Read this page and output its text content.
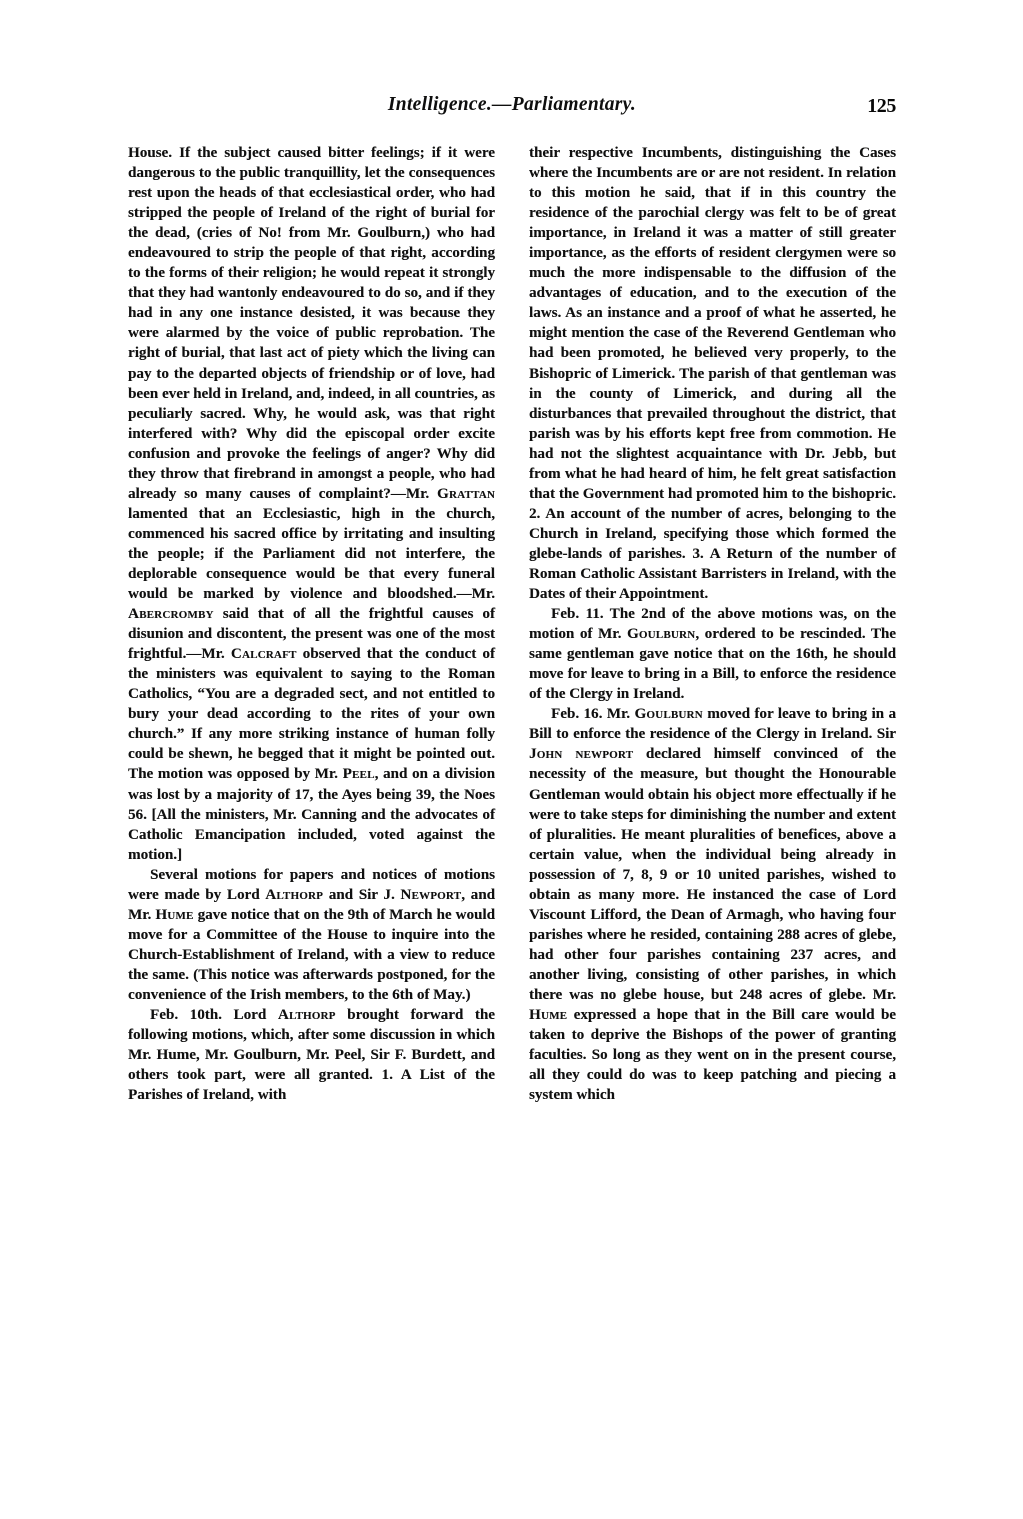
Intelligence.—Parliamentary.	125

House. If the subject caused bitter feelings; if it were dangerous to the public tranquillity, let the consequences rest upon the heads of that ecclesiastical order, who had stripped the people of Ireland of the right of burial for the dead, (cries of No! from Mr. Goulburn,) who had endeavoured to strip the people of that right, according to the forms of their religion; he would repeat it strongly that they had wantonly endeavoured to do so, and if they had in any one instance desisted, it was because they were alarmed by the voice of public reprobation. The right of burial, that last act of piety which the living can pay to the departed objects of friendship or of love, had been ever held in Ireland, and, indeed, in all countries, as peculiarly sacred. Why, he would ask, was that right interfered with? Why did the episcopal order excite confusion and provoke the feelings of anger? Why did they throw that firebrand in amongst a people, who had already so many causes of complaint?—Mr. Grattan lamented that an Ecclesiastic, high in the church, commenced his sacred office by irritating and insulting the people; if the Parliament did not interfere, the deplorable consequence would be that every funeral would be marked by violence and bloodshed.—Mr. Abercromby said that of all the frightful causes of disunion and discontent, the present was one of the most frightful.—Mr. Calcraft observed that the conduct of the ministers was equivalent to saying to the Roman Catholics, “You are a degraded sect, and not entitled to bury your dead according to the rites of your own church.” If any more striking instance of human folly could be shewn, he begged that it might be pointed out. The motion was opposed by Mr. Peel, and on a division was lost by a majority of 17, the Ayes being 39, the Noes 56. [All the ministers, Mr. Canning and the advocates of Catholic Emancipation included, voted against the motion.]

Several motions for papers and notices of motions were made by Lord Althorp and Sir J. Newport, and Mr. Hume gave notice that on the 9th of March he would move for a Committee of the House to inquire into the Church-Establishment of Ireland, with a view to reduce the same. (This notice was afterwards postponed, for the convenience of the Irish members, to the 6th of May.)

Feb. 10th. Lord Althorp brought forward the following motions, which, after some discussion in which Mr. Hume, Mr. Goulburn, Mr. Peel, Sir F. Burdett, and others took part, were all granted. 1. A List of the Parishes of Ireland, with

their respective Incumbents, distinguishing the Cases where the Incumbents are or are not resident. In relation to this motion he said, that if in this country the residence of the parochial clergy was felt to be of great importance, in Ireland it was a matter of still greater importance, as the efforts of resident clergymen were so much the more indispensable to the diffusion of the advantages of education, and to the execution of the laws. As an instance and a proof of what he asserted, he might mention the case of the Reverend Gentleman who had been promoted, he believed very properly, to the Bishopric of Limerick. The parish of that gentleman was in the county of Limerick, and during all the disturbances that prevailed throughout the district, that parish was by his efforts kept free from commotion. He had not the slightest acquaintance with Dr. Jebb, but from what he had heard of him, he felt great satisfaction that the Government had promoted him to the bishopric. 2. An account of the number of acres, belonging to the Church in Ireland, specifying those which formed the glebe-lands of parishes. 3. A Return of the number of Roman Catholic Assistant Barristers in Ireland, with the Dates of their Appointment.

Feb. 11. The 2nd of the above motions was, on the motion of Mr. Goulburn, ordered to be rescinded. The same gentleman gave notice that on the 16th, he should move for leave to bring in a Bill, to enforce the residence of the Clergy in Ireland.

Feb. 16. Mr. Goulburn moved for leave to bring in a Bill to enforce the residence of the Clergy in Ireland. Sir John newport declared himself convinced of the necessity of the measure, but thought the Honourable Gentleman would obtain his object more effectually if he were to take steps for diminishing the number and extent of pluralities. He meant pluralities of benefices, above a certain value, when the individual being already in possession of 7, 8, 9 or 10 united parishes, wished to obtain as many more. He instanced the case of Lord Viscount Lifford, the Dean of Armagh, who having four parishes where he resided, containing 288 acres of glebe, had other four parishes containing 237 acres, and another living, consisting of other parishes, in which there was no glebe house, but 248 acres of glebe. Mr. Hume expressed a hope that in the Bill care would be taken to deprive the Bishops of the power of granting faculties. So long as they went on in the present course, all they could do was to keep patching and piecing a system which
